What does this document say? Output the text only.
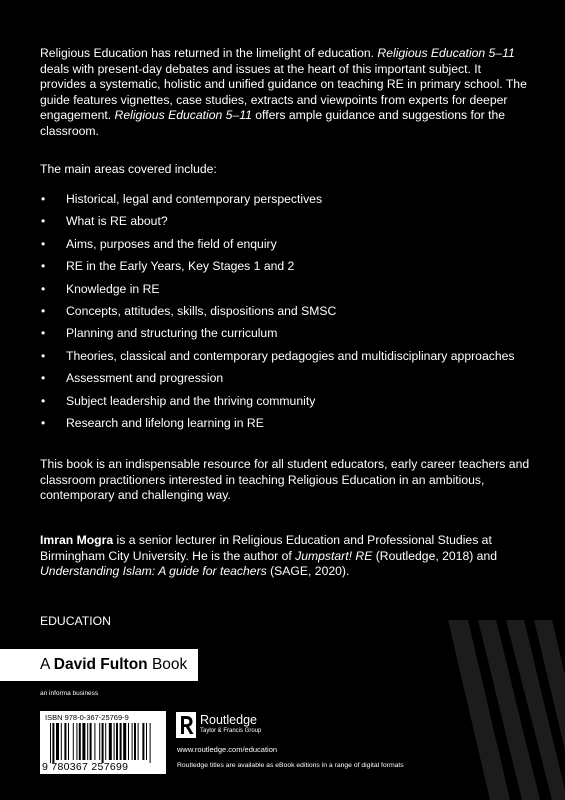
Religious Education has returned in the limelight of education. Religious Education 5–11 deals with present-day debates and issues at the heart of this important subject. It provides a systematic, holistic and unified guidance on teaching RE in primary school. The guide features vignettes, case studies, extracts and viewpoints from experts for deeper engagement. Religious Education 5–11 offers ample guidance and suggestions for the classroom.

The main areas covered include:

• Historical, legal and contemporary perspectives
• What is RE about?
• Aims, purposes and the field of enquiry
• RE in the Early Years, Key Stages 1 and 2
• Knowledge in RE
• Concepts, attitudes, skills, dispositions and SMSC
• Planning and structuring the curriculum
• Theories, classical and contemporary pedagogies and multidisciplinary approaches
• Assessment and progression
• Subject leadership and the thriving community
• Research and lifelong learning in RE

This book is an indispensable resource for all student educators, early career teachers and classroom practitioners interested in teaching Religious Education in an ambitious, contemporary and challenging way.

Imran Mogra is a senior lecturer in Religious Education and Professional Studies at Birmingham City University. He is the author of Jumpstart! RE (Routledge, 2018) and Understanding Islam: A guide for teachers (SAGE, 2020).

EDUCATION

A David Fulton Book
an informa business
ISBN 978-0-367-25769-9
9 780367 257699
Routledge
Taylor & Francis Group
www.routledge.com/education
Routledge titles are available as eBook editions in a range of digital formats
